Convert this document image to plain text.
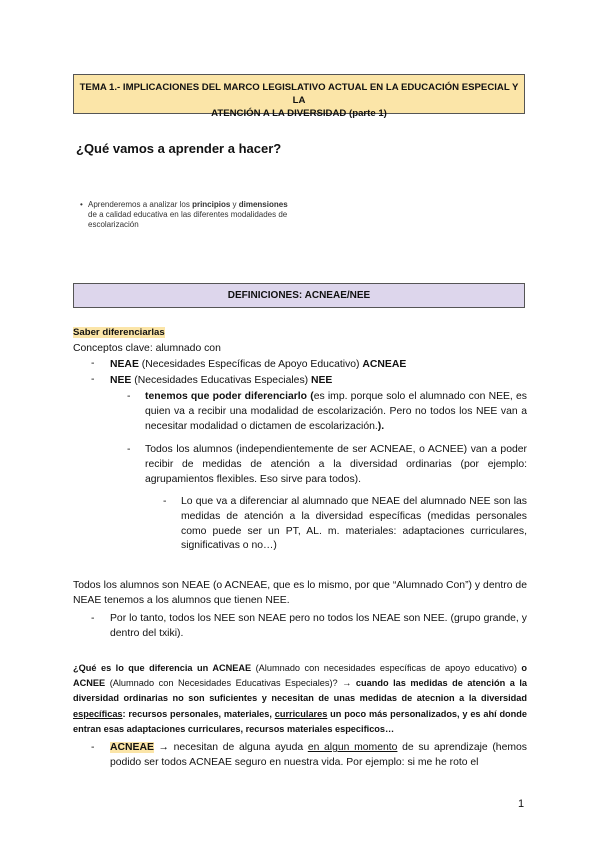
TEMA 1.- IMPLICACIONES DEL MARCO LEGISLATIVO ACTUAL EN LA EDUCACIÓN ESPECIAL Y LA
ATENCIÓN A LA DIVERSIDAD (parte 1)
¿Qué vamos a aprender a hacer?
• Aprenderemos a analizar los principios y dimensiones de a calidad educativa en las diferentes modalidades de escolarización
DEFINICIONES: ACNEAE/NEE
Saber diferenciarlas
Conceptos clave: alumnado con
- NEAE (Necesidades Específicas de Apoyo Educativo) ACNEAE
- NEE (Necesidades Educativas Especiales) NEE
- tenemos que poder diferenciarlo (es imp. porque solo el alumnado con NEE, es quien va a recibir una modalidad de escolarización. Pero no todos los NEE van a necesitar modalidad o dictamen de escolarización.).
- Todos los alumnos (independientemente de ser ACNEAE, o ACNEE) van a poder recibir de medidas de atención a la diversidad ordinarias (por ejemplo: agrupamientos flexibles. Eso sirve para todos).
- Lo que va a diferenciar al alumnado que NEAE del alumnado NEE son las medidas de atención a la diversidad específicas (medidas personales como puede ser un PT, AL. m. materiales: adaptaciones curriculares, significativas o no…)
Todos los alumnos son NEAE (o ACNEAE, que es lo mismo, por que “Alumnado Con”) y dentro de NEAE tenemos a los alumnos que tienen NEE.
- Por lo tanto, todos los NEE son NEAE pero no todos los NEAE son NEE. (grupo grande, y dentro del txiki).
¿Qué es lo que diferencia un ACNEAE (Alumnado con necesidades específicas de apoyo educativo) o ACNEE (Alumnado con Necesidades Educativas Especiales)? → cuando las medidas de atención a la diversidad ordinarias no son suficientes y necesitan de unas medidas de atecnion a la diversidad específicas: recursos personales, materiales, curriculares un poco más personalizados, y es ahí donde entran esas adaptaciones curriculares, recursos materiales especificos…
- ACNEAE → necesitan de alguna ayuda en algun momento de su aprendizaje (hemos podido ser todos ACNEAE seguro en nuestra vida. Por ejemplo: si me he roto el
1
